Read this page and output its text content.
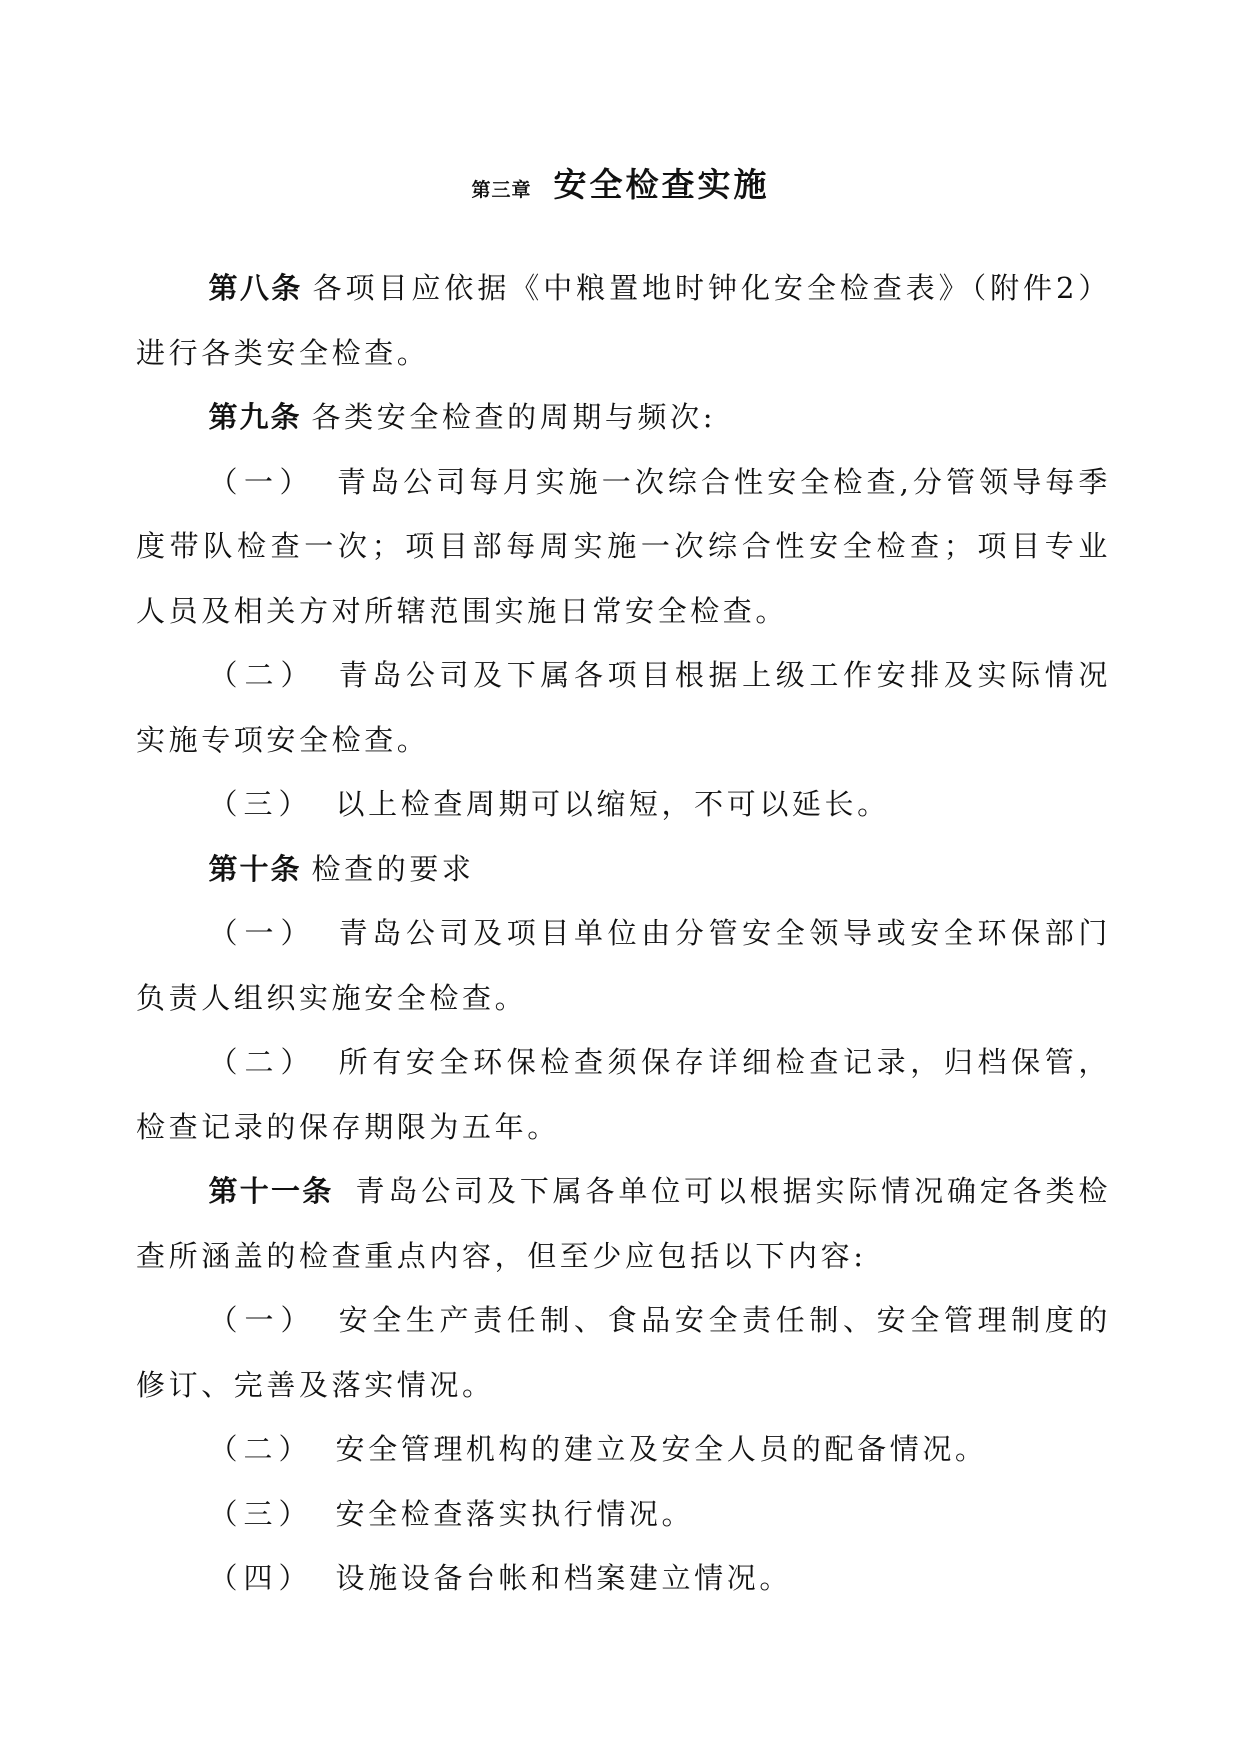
第三章 安全检查实施

第八条 各项目应依据《中粮置地时钟化安全检查表》（附件2）进行各类安全检查。

第九条 各类安全检查的周期与频次:

（一） 青岛公司每月实施一次综合性安全检查,分管领导每季度带队检查一次；项目部每周实施一次综合性安全检查；项目专业人员及相关方对所辖范围实施日常安全检查。

（二） 青岛公司及下属各项目根据上级工作安排及实际情况实施专项安全检查。

（三） 以上检查周期可以缩短，不可以延长。

第十条 检查的要求

（一） 青岛公司及项目单位由分管安全领导或安全环保部门负责人组织实施安全检查。

（二） 所有安全环保检查须保存详细检查记录，归档保管，检查记录的保存期限为五年。

第十一条 青岛公司及下属各单位可以根据实际情况确定各类检查所涵盖的检查重点内容，但至少应包括以下内容:

（一） 安全生产责任制、食品安全责任制、安全管理制度的修订、完善及落实情况。

（二） 安全管理机构的建立及安全人员的配备情况。

（三） 安全检查落实执行情况。

（四） 设施设备台帐和档案建立情况。
